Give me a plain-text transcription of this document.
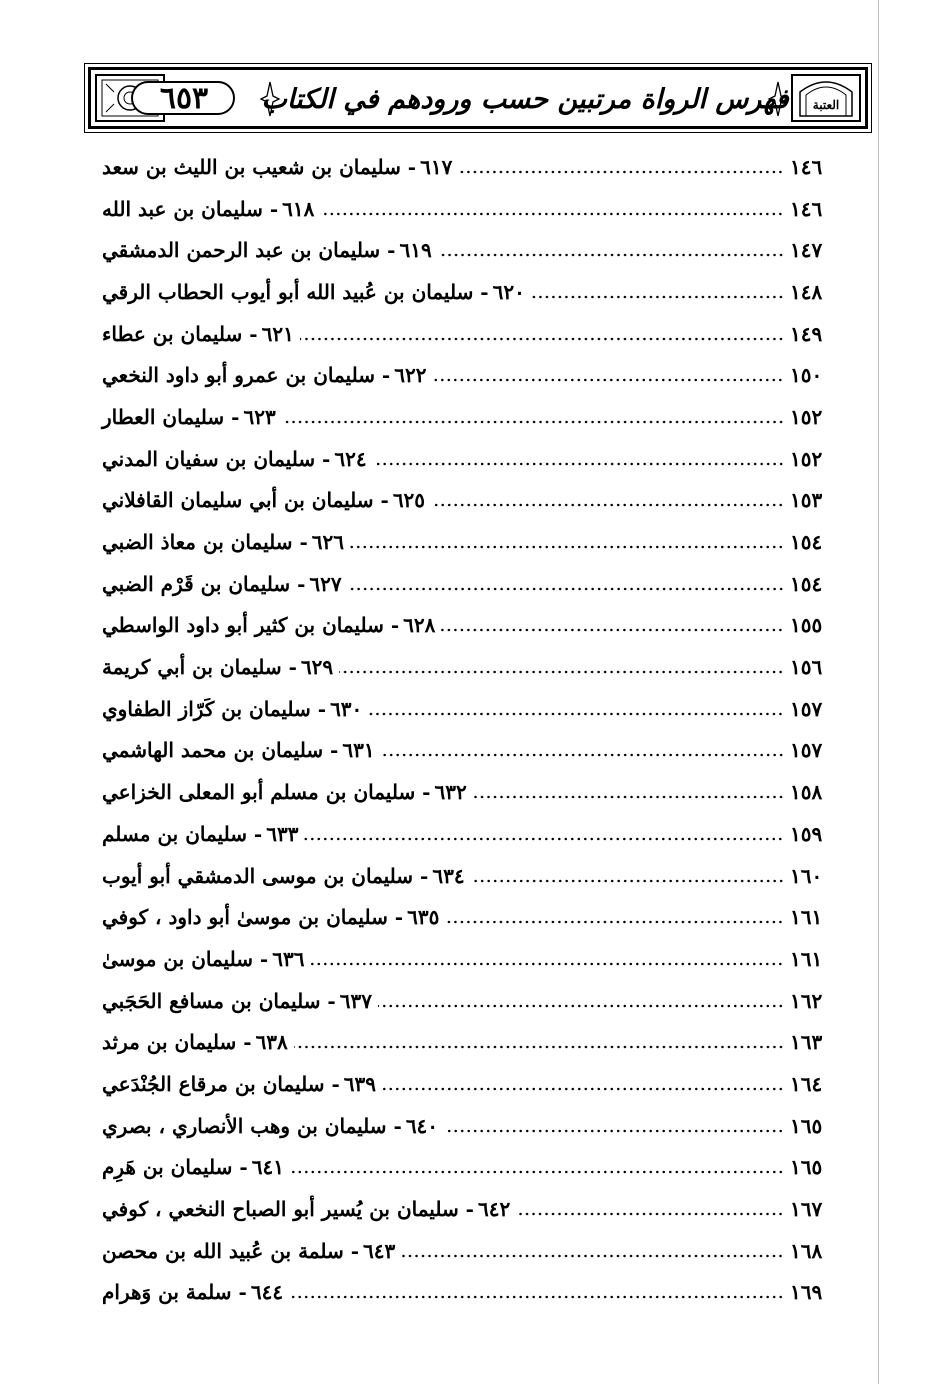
٦٥٣	فهرس الرواة مرتبين حسب ورودهم في الكتاب العتبة
٦١٧- سليمان بن شعيب بن الليث بن سعد	١٤٦
٦١٨- سليمان بن عبد الله	١٤٦
٦١٩- سليمان بن عبد الرحمن الدمشقي	١٤٧
٦٢٠- سليمان بن عُبيد الله أبو أيوب الحطاب الرقي	١٤٨
٦٢١- سليمان بن عطاء	١٤٩
٦٢٢- سليمان بن عمرو أبو داود النخعي	١٥٠
٦٢٣- سليمان العطار	١٥٢
٦٢٤- سليمان بن سفيان المدني	١٥٢
٦٢٥- سليمان بن أبي سليمان القافلاني	١٥٣
٦٢٦- سليمان بن معاذ الضبي	١٥٤
٦٢٧- سليمان بن قَرْم الضبي	١٥٤
٦٢٨- سليمان بن كثير أبو داود الواسطي	١٥٥
٦٢٩- سليمان بن أبي كريمة	١٥٦
٦٣٠- سليمان بن كَرّاز الطفاوي	١٥٧
٦٣١- سليمان بن محمد الهاشمي	١٥٧
٦٣٢- سليمان بن مسلم أبو المعلى الخزاعي	١٥٨
٦٣٣- سليمان بن مسلم	١٥٩
٦٣٤- سليمان بن موسى الدمشقي أبو أيوب	١٦٠
٦٣٥- سليمان بن موسىٰ أبو داود ، كوفي	١٦١
٦٣٦- سليمان بن موسىٰ	١٦١
٦٣٧- سليمان بن مسافع الحَجَبي	١٦٢
٦٣٨- سليمان بن مرثد	١٦٣
٦٣٩- سليمان بن مرقاع الجُنْدَعي	١٦٤
٦٤٠- سليمان بن وهب الأنصاري ، بصري	١٦٥
٦٤١- سليمان بن هَرِم	١٦٥
٦٤٢- سليمان بن يُسير أبو الصباح النخعي ، كوفي	١٦٧
٦٤٣- سلمة بن عُبيد الله بن محصن	١٦٨
٦٤٤- سلمة بن وَهرام	١٦٩
